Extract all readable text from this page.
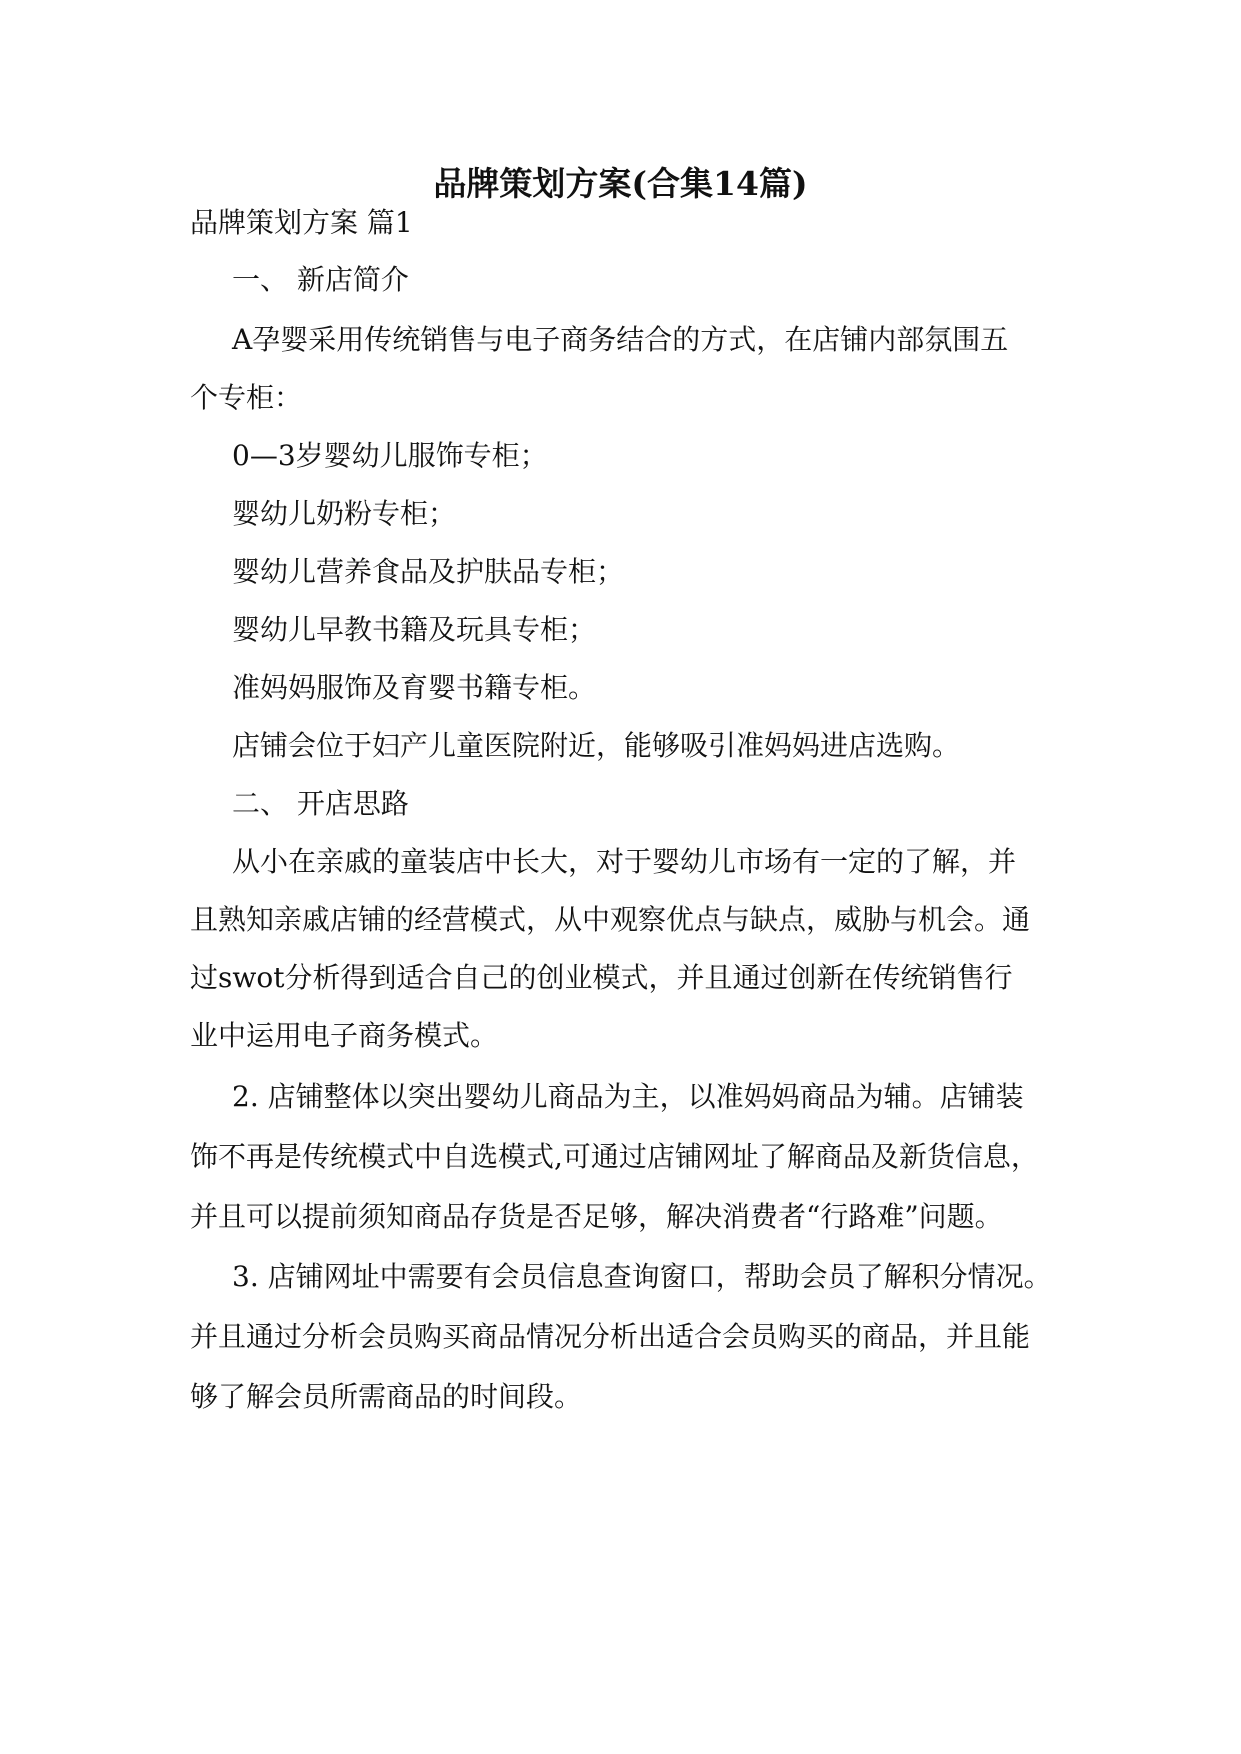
品牌策划方案(合集14篇)

品牌策划方案 篇1

一、 新店简介

A孕婴采用传统销售与电子商务结合的方式，在店铺内部氛围五

个专柜：

0—3岁婴幼儿服饰专柜；

婴幼儿奶粉专柜；

婴幼儿营养食品及护肤品专柜；

婴幼儿早教书籍及玩具专柜；

准妈妈服饰及育婴书籍专柜。

店铺会位于妇产儿童医院附近，能够吸引准妈妈进店选购。

二、 开店思路

从小在亲戚的童装店中长大，对于婴幼儿市场有一定的了解，并

且熟知亲戚店铺的经营模式，从中观察优点与缺点，威胁与机会。通

过swot分析得到适合自己的创业模式，并且通过创新在传统销售行

业中运用电子商务模式。

2. 店铺整体以突出婴幼儿商品为主，以准妈妈商品为辅。店铺装

饰不再是传统模式中自选模式,可通过店铺网址了解商品及新货信息，

并且可以提前须知商品存货是否足够，解决消费者“行路难”问题。

3. 店铺网址中需要有会员信息查询窗口，帮助会员了解积分情况。

并且通过分析会员购买商品情况分析出适合会员购买的商品，并且能

够了解会员所需商品的时间段。
